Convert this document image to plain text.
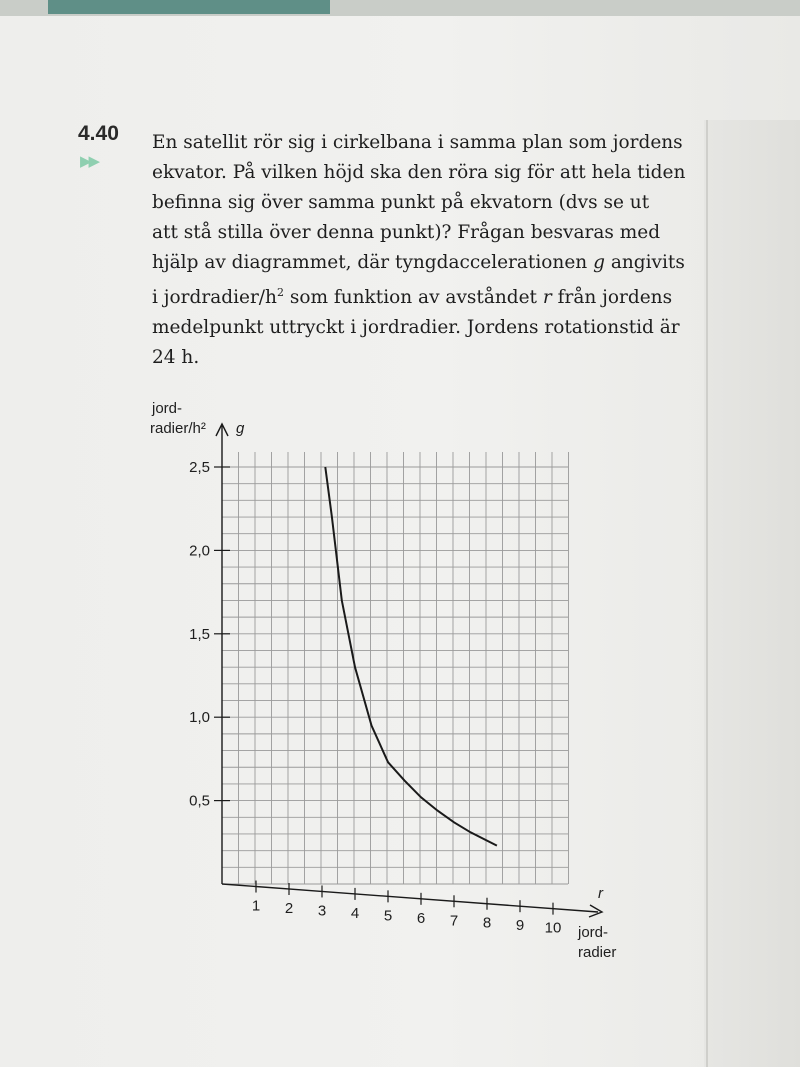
4.40
▶▶

En satellit rör sig i cirkelbana i samma plan som jordens

ekvator. På vilken höjd ska den röra sig för att hela tiden

befinna sig över samma punkt på ekvatorn (dvs se ut

att stå stilla över denna punkt)? Frågan besvaras med

hjälp av diagrammet, där tyngdaccelerationen g angivits

i jordradier/$h^2$ som funktion av avståndet r från jordens

medelpunkt uttryckt i jordradier. Jordens rotationstid är

24 h.

1 2 3 4 5 6 7 8 9 10
2,5
2,0
1,5
1,0
0,5
jord-
radier/h² g
r
jord-
radier
